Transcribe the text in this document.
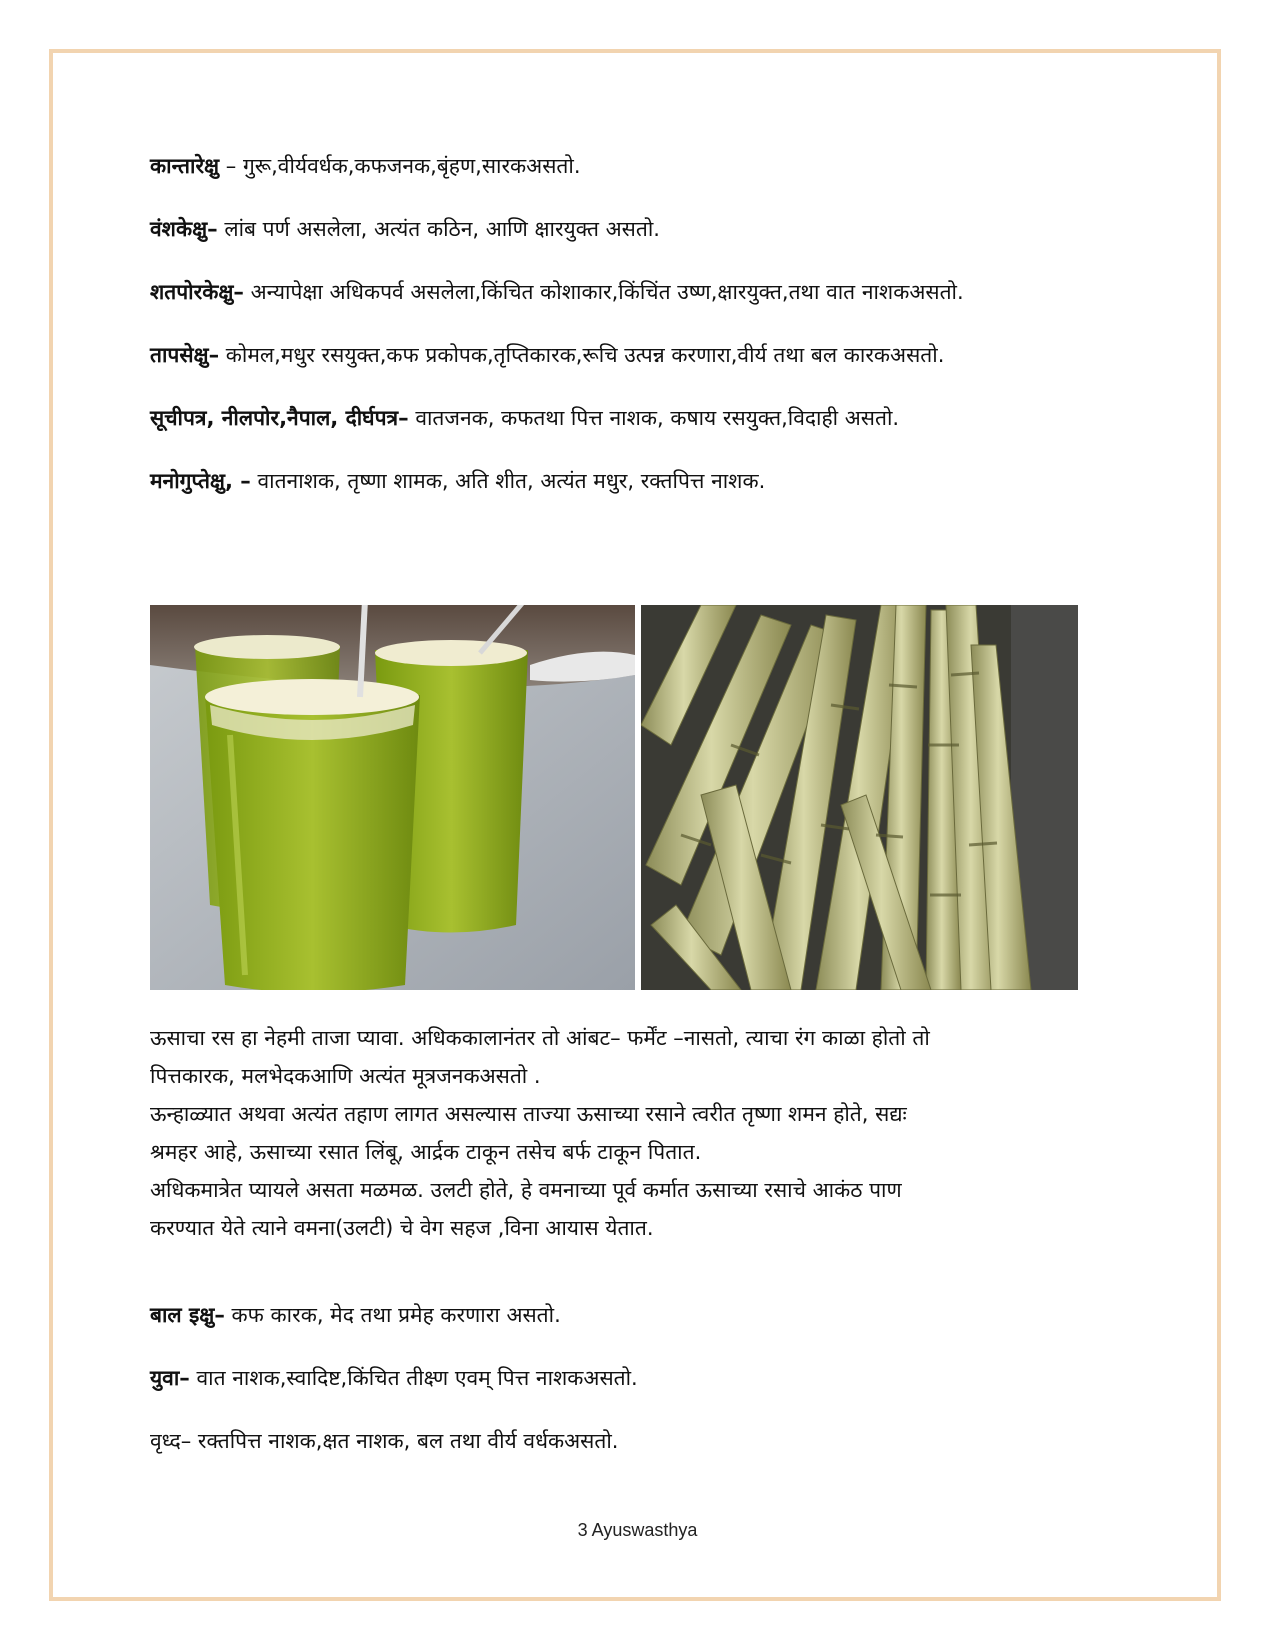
कान्तारेक्षु – गुरू,वीर्यवर्धक,कफजनक,बृंहण,सारकअसतो.

वंशकेक्षु– लांब पर्ण असलेला, अत्यंत कठिन, आणि क्षारयुक्त असतो.

शतपोरकेक्षु– अन्यापेक्षा अधिकपर्व असलेला,किंचित कोशाकार,किंचिंत उष्ण,क्षारयुक्त,तथा वात नाशकअसतो.

तापसेक्षु– कोमल,मधुर रसयुक्त,कफ प्रकोपक,तृप्तिकारक,रूचि उत्पन्न करणारा,वीर्य तथा बल कारकअसतो.

सूचीपत्र, नीलपोर,नैपाल, दीर्घपत्र– वातजनक, कफतथा पित्त नाशक, कषाय रसयुक्त,विदाही असतो.

मनोगुप्तेक्षु, – वातनाशक, तृष्णा शामक, अति शीत, अत्यंत मधुर, रक्तपित्त नाशक.

ऊसाचा रस हा नेहमी ताजा प्यावा. अधिककालानंतर तो आंबट– फर्मेंट –नासतो, त्याचा रंग काळा होतो तो
पित्तकारक, मलभेदकआणि अत्यंत मूत्रजनकअसतो .
ऊन्हाळ्यात अथवा अत्यंत तहाण लागत असल्यास ताज्या ऊसाच्या रसाने त्वरीत तृष्णा शमन होते, सद्यः
श्रमहर आहे, ऊसाच्या रसात लिंबू, आर्द्रक टाकून तसेच बर्फ टाकून पितात.
अधिकमात्रेत प्यायले असता मळमळ. उलटी होते, हे वमनाच्या पूर्व कर्मात ऊसाच्या रसाचे आकंठ पाण
करण्यात येते त्याने वमना(उलटी) चे वेग सहज ,विना आयास येतात.

बाल इक्षु– कफ कारक, मेद तथा प्रमेह करणारा असतो.

युवा– वात नाशक,स्वादिष्ट,किंचित तीक्ष्ण एवम् पित्त नाशकअसतो.

वृध्द– रक्तपित्त नाशक,क्षत नाशक, बल तथा वीर्य वर्धकअसतो.

3 Ayuswasthya
